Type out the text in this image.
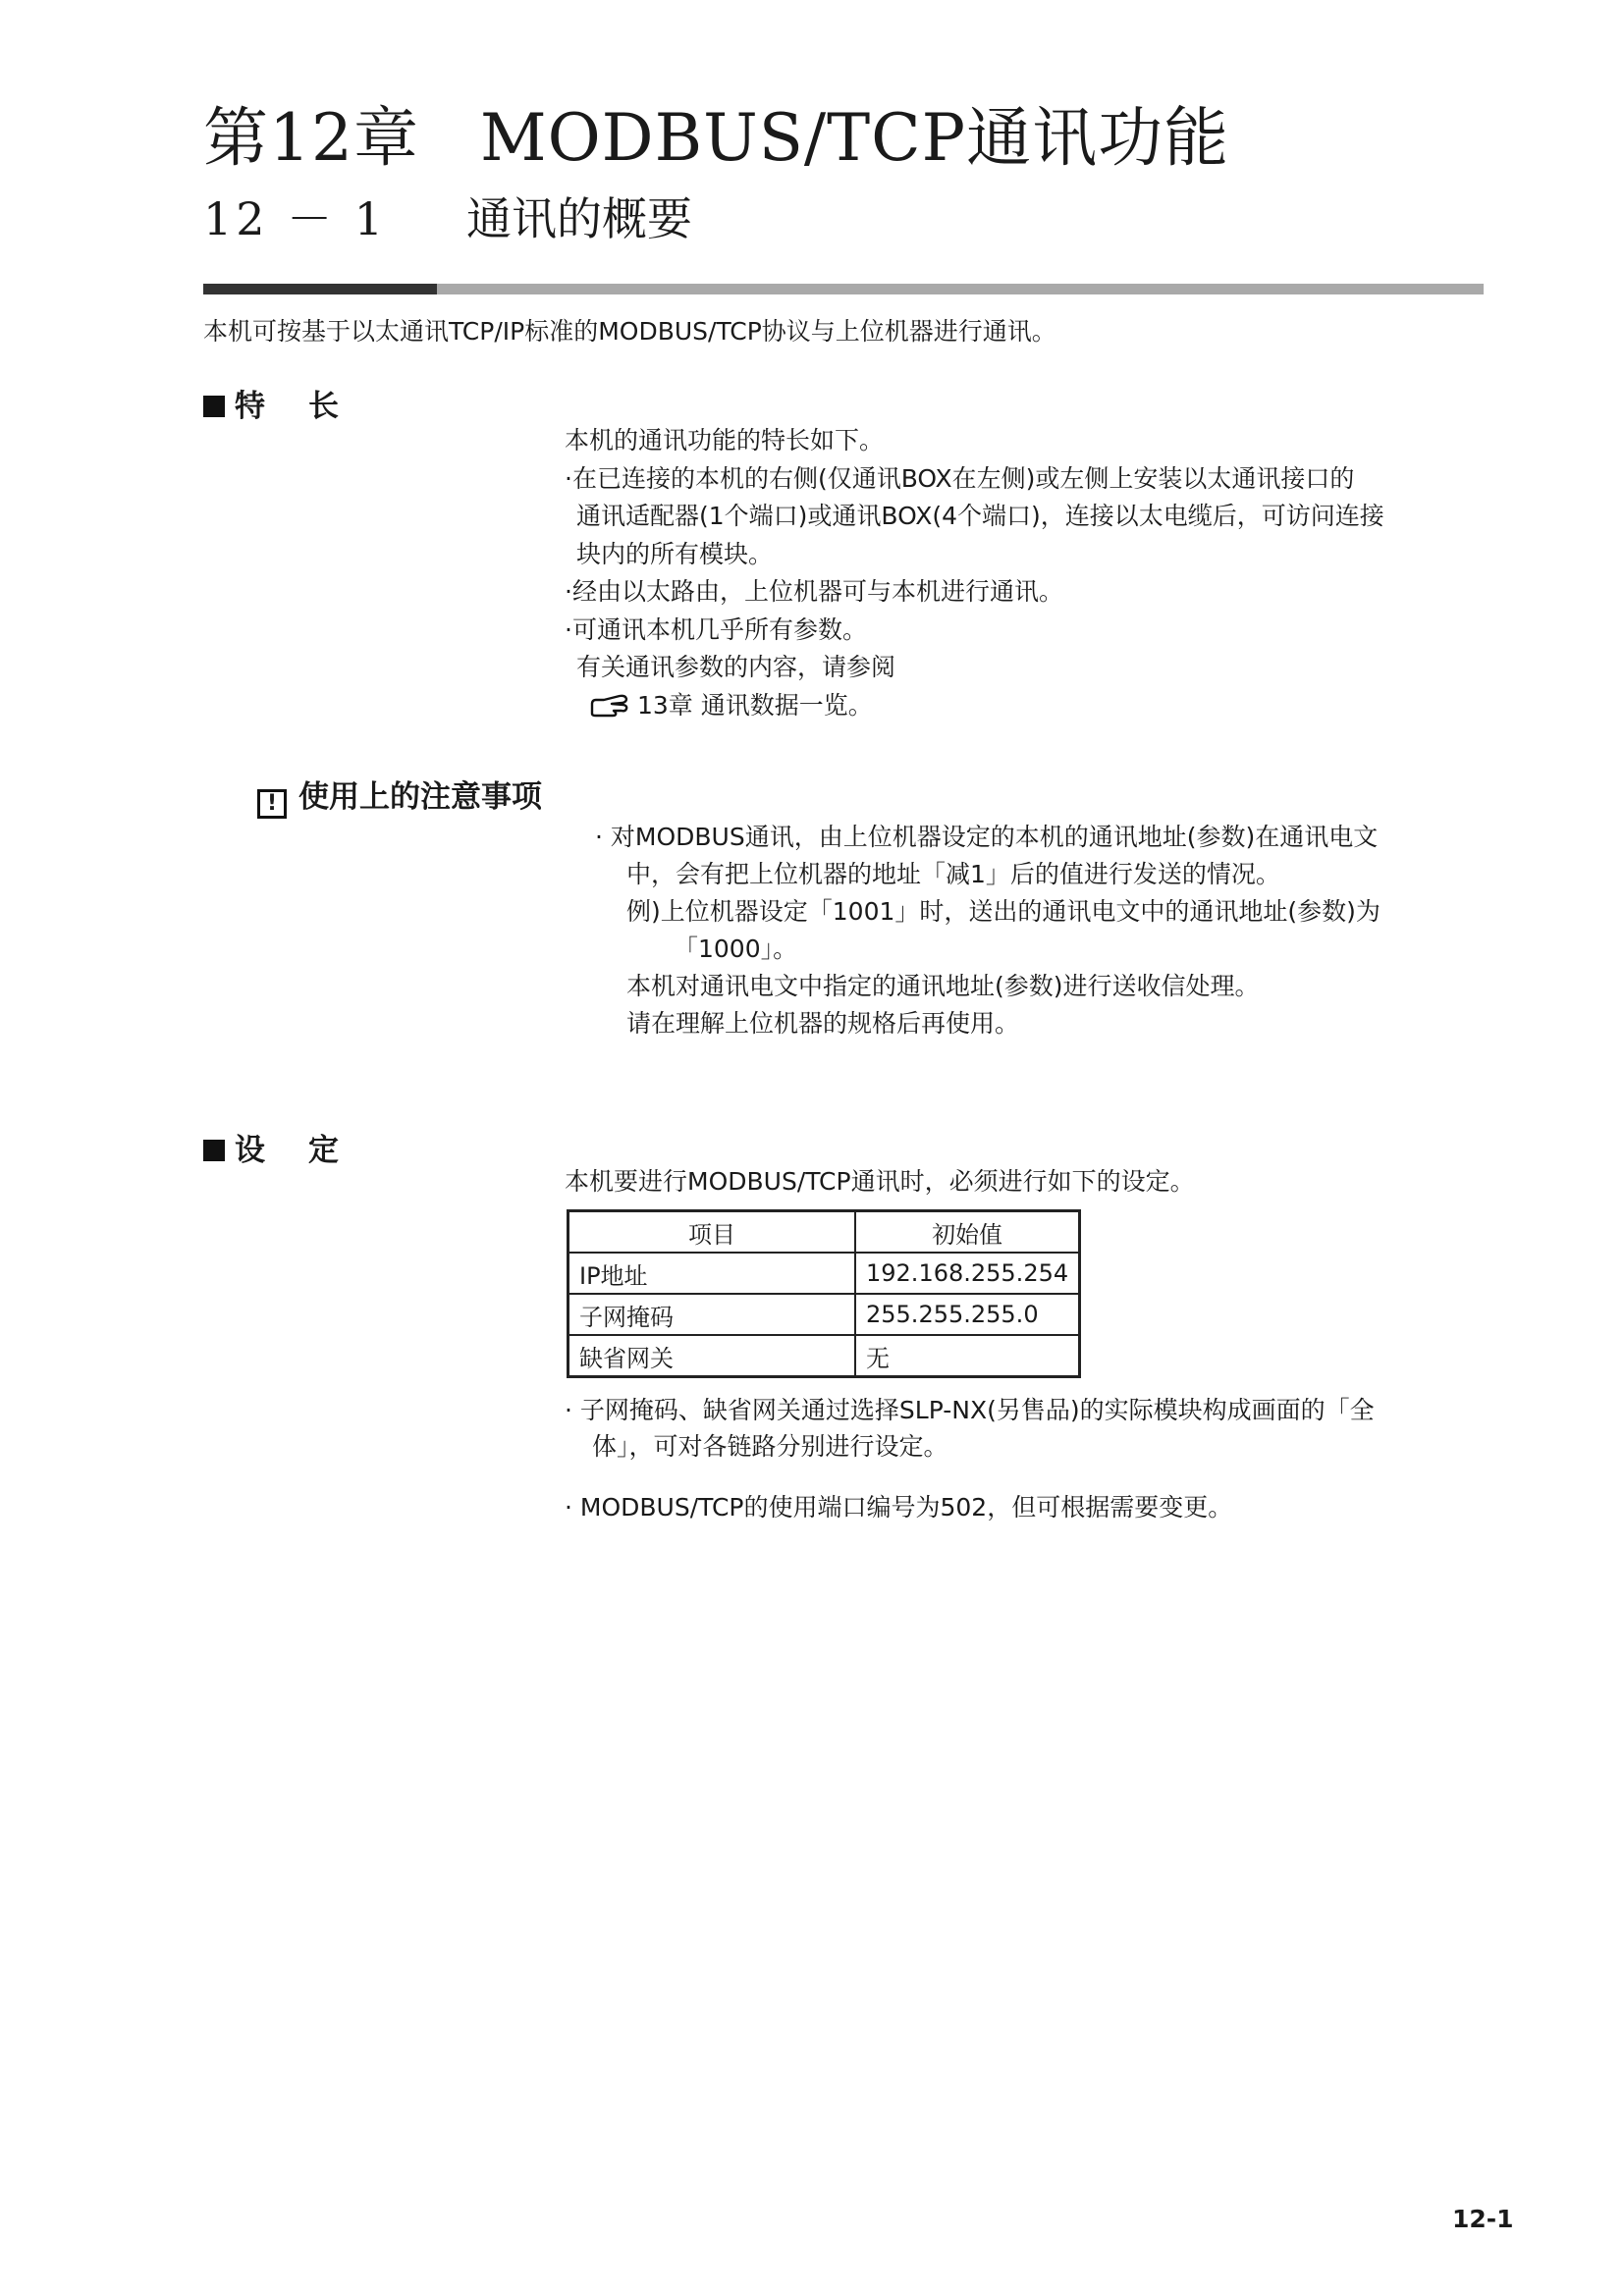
第12章 MODBUS/TCP通讯功能
12 － 1 通讯的概要
本机可按基于以太通讯TCP/IP标准的MODBUS/TCP协议与上位机器进行通讯。
特 长
本机的通讯功能的特长如下。
·在已连接的本机的右侧(仅通讯BOX在左侧)或左侧上安装以太通讯接口的
通讯适配器(1个端口)或通讯BOX(4个端口)，连接以太电缆后，可访问连接
块内的所有模块。
·经由以太路由，上位机器可与本机进行通讯。
·可通讯本机几乎所有参数。
有关通讯参数的内容，请参阅
13章 通讯数据一览。
! 使用上的注意事项
· 对MODBUS通讯，由上位机器设定的本机的通讯地址(参数)在通讯电文
中，会有把上位机器的地址「减1」后的值进行发送的情况。
例)上位机器设定「1001」时，送出的通讯电文中的通讯地址(参数)为
「1000」。
本机对通讯电文中指定的通讯地址(参数)进行送收信处理。
请在理解上位机器的规格后再使用。
设 定
本机要进行MODBUS/TCP通讯时，必须进行如下的设定。
项目	初始值
IP地址	192.168.255.254
子网掩码	255.255.255.0
缺省网关	无
· 子网掩码、缺省网关通过选择SLP-NX(另售品)的实际模块构成画面的「全
体」，可对各链路分别进行设定。
· MODBUS/TCP的使用端口编号为502，但可根据需要变更。
12-1
